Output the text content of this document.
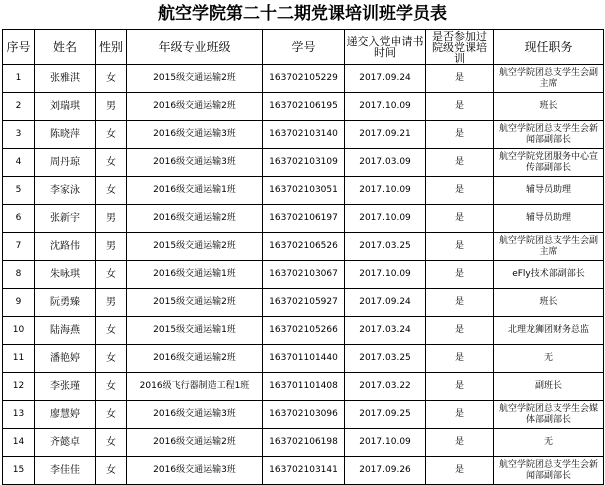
航空学院第二十二期党课培训班学员表
序号	姓名	性别	年级专业班级	学号	递交入党申请书时间	是否参加过院级党课培训	现任职务
1	张雅淇	女	2015级交通运输2班	163702105229	2017.09.24	是	航空学院团总支学生会副主席
2	刘瑞琪	男	2016级交通运输2班	163702106195	2017.10.09	是	班长
3	陈晓萍	女	2016级交通运输3班	163702103140	2017.09.21	是	航空学院团总支学生会新闻部副部长
4	周丹琼	女	2016级交通运输3班	163702103109	2017.03.09	是	航空学院党团服务中心宣传部副部长
5	李家泳	女	2016级交通运输1班	163702103051	2017.10.09	是	辅导员助理
6	张新宇	男	2016级交通运输2班	163702106197	2017.10.09	是	辅导员助理
7	沈路伟	男	2015级交通运输2班	163702106526	2017.03.25	是	航空学院团总支学生会副主席
8	朱咏琪	女	2016级交通运输1班	163702103067	2017.10.09	是	eFly技术部副部长
9	阮勇臻	男	2015级交通运输2班	163702105927	2017.09.24	是	班长
10	陆海燕	女	2015级交通运输1班	163702105266	2017.03.24	是	北理龙狮团财务总监
11	潘艳婷	女	2016级交通运输2班	163701101440	2017.03.25	是	无
12	李张瑾	女	2016级飞行器制造工程1班	163701101408	2017.03.22	是	副班长
13	廖慧婷	女	2016级交通运输3班	163702103096	2017.09.25	是	航空学院团总支学生会媒体部副部长
14	齐懿卓	女	2016级交通运输2班	163702106198	2017.10.09	是	无
15	李佳佳	女	2016级交通运输3班	163702103141	2017.09.26	是	航空学院团总支学生会新闻部副部长
